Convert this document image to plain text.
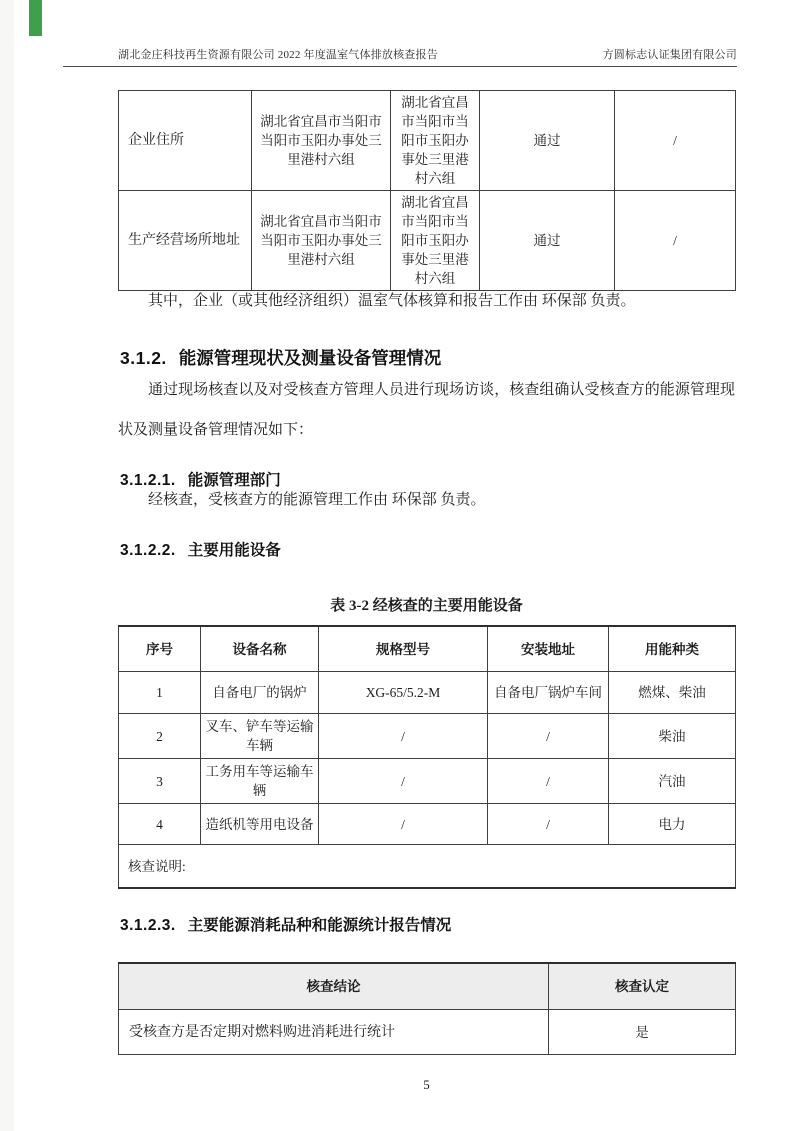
湖北金庄科技再生资源有限公司 2022 年度温室气体排放核查报告	方圆标志认证集团有限公司
企业住所	湖北省宜昌市当阳市当阳市玉阳办事处三里港村六组	湖北省宜昌市当阳市当阳市玉阳办事处三里港村六组	通过	/
生产经营场所地址	湖北省宜昌市当阳市当阳市玉阳办事处三里港村六组	湖北省宜昌市当阳市当阳市玉阳办事处三里港村六组	通过	/

其中，企业（或其他经济组织）温室气体核算和报告工作由 环保部 负责。

3.1.2. 能源管理现状及测量设备管理情况

通过现场核查以及对受核查方管理人员进行现场访谈，核查组确认受核查方的能源管理现状及测量设备管理情况如下：

3.1.2.1. 能源管理部门

经核查，受核查方的能源管理工作由 环保部 负责。

3.1.2.2. 主要用能设备
表 3-2 经核查的主要用能设备
序号	设备名称	规格型号	安装地址	用能种类
1	自备电厂的锅炉	XG-65/5.2-M	自备电厂锅炉车间	燃煤、柴油
2	叉车、铲车等运输车辆	/	/	柴油
3	工务用车等运输车辆	/	/	汽油
4	造纸机等用电设备	/	/	电力
核查说明:				
3.1.2.3. 主要能源消耗品种和能源统计报告情况
核查结论	核查认定
受核查方是否定期对燃料购进消耗进行统计	是
5
